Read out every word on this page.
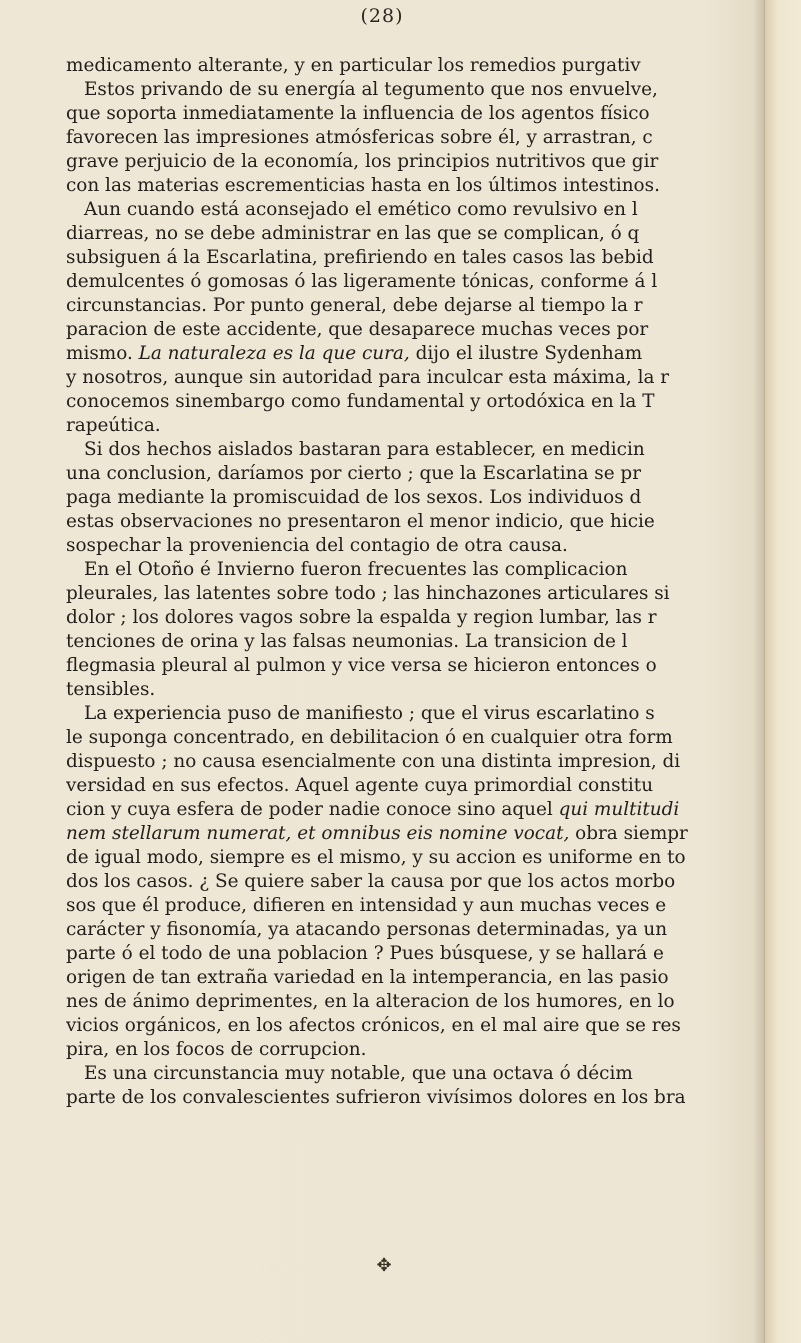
(28)
medicamento alterante, y en particular los remedios purgativ
Estos privando de su energía al tegumento que nos envuelve,
que soporta inmediatamente la influencia de los agentos físico
favorecen las impresiones atmósfericas sobre él, y arrastran, c
grave perjuicio de la economía, los principios nutritivos que gir
con las materias escrementicias hasta en los últimos intestinos.
Aun cuando está aconsejado el emético como revulsivo en l
diarreas, no se debe administrar en las que se complican, ó q
subsiguen á la Escarlatina, prefiriendo en tales casos las bebid
demulcentes ó gomosas ó las ligeramente tónicas, conforme á l
circunstancias. Por punto general, debe dejarse al tiempo la r
paracion de este accidente, que desaparece muchas veces por
mismo. La naturaleza es la que cura, dijo el ilustre Sydenham
y nosotros, aunque sin autoridad para inculcar esta máxima, la r
conocemos sinembargo como fundamental y ortodóxica en la T
rapeútica.
Si dos hechos aislados bastaran para establecer, en medicin
una conclusion, daríamos por cierto ; que la Escarlatina se pr
paga mediante la promiscuidad de los sexos. Los individuos d
estas observaciones no presentaron el menor indicio, que hicie
sospechar la proveniencia del contagio de otra causa.
En el Otoño é Invierno fueron frecuentes las complicacion
pleurales, las latentes sobre todo ; las hinchazones articulares si
dolor ; los dolores vagos sobre la espalda y region lumbar, las r
tenciones de orina y las falsas neumonias. La transicion de l
flegmasia pleural al pulmon y vice versa se hicieron entonces o
tensibles.
La experiencia puso de manifiesto ; que el virus escarlatino s
le suponga concentrado, en debilitacion ó en cualquier otra form
dispuesto ; no causa esencialmente con una distinta impresion, di
versidad en sus efectos. Aquel agente cuya primordial constitu
cion y cuya esfera de poder nadie conoce sino aquel qui multitudi
nem stellarum numerat, et omnibus eis nomine vocat, obra siempr
de igual modo, siempre es el mismo, y su accion es uniforme en to
dos los casos. ¿ Se quiere saber la causa por que los actos morbo
sos que él produce, difieren en intensidad y aun muchas veces e
carácter y fisonomía, ya atacando personas determinadas, ya un
parte ó el todo de una poblacion ? Pues búsquese, y se hallará e
origen de tan extraña variedad en la intemperancia, en las pasio
nes de ánimo deprimentes, en la alteracion de los humores, en lo
vicios orgánicos, en los afectos crónicos, en el mal aire que se res
pira, en los focos de corrupcion.
Es una circunstancia muy notable, que una octava ó décim
parte de los convalescientes sufrieron vivísimos dolores en los bra
✥
